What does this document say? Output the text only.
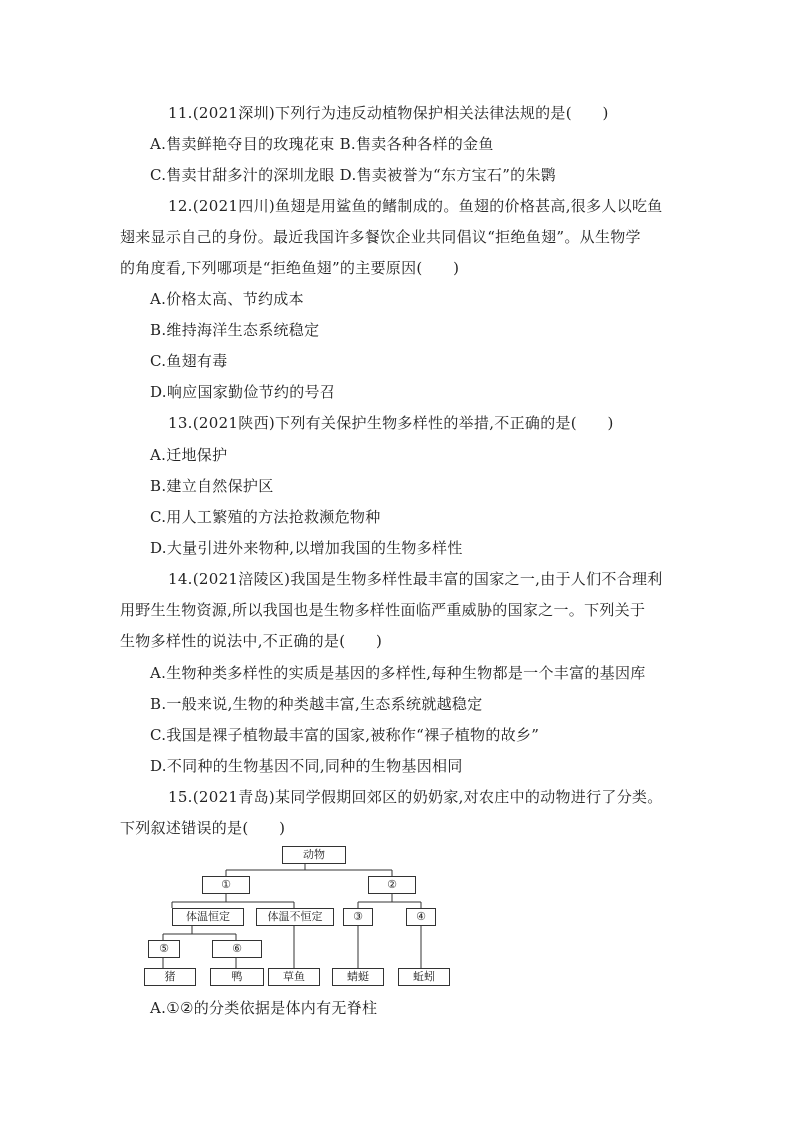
11.(2021深圳)下列行为违反动植物保护相关法律法规的是(　　)
A.售卖鲜艳夺目的玫瑰花束 B.售卖各种各样的金鱼
C.售卖甘甜多汁的深圳龙眼 D.售卖被誉为“东方宝石”的朱鹮
12.(2021四川)鱼翅是用鲨鱼的鳍制成的。鱼翅的价格甚高,很多人以吃鱼
翅来显示自己的身份。最近我国许多餐饮企业共同倡议“拒绝鱼翅”。从生物学
的角度看,下列哪项是“拒绝鱼翅”的主要原因(　　)
A.价格太高、节约成本
B.维持海洋生态系统稳定
C.鱼翅有毒
D.响应国家勤俭节约的号召
13.(2021陕西)下列有关保护生物多样性的举措,不正确的是(　　)
A.迁地保护
B.建立自然保护区
C.用人工繁殖的方法抢救濒危物种
D.大量引进外来物种,以增加我国的生物多样性
14.(2021涪陵区)我国是生物多样性最丰富的国家之一,由于人们不合理利
用野生生物资源,所以我国也是生物多样性面临严重威胁的国家之一。下列关于
生物多样性的说法中,不正确的是(　　)
A.生物种类多样性的实质是基因的多样性,每种生物都是一个丰富的基因库
B.一般来说,生物的种类越丰富,生态系统就越稳定
C.我国是裸子植物最丰富的国家,被称作“裸子植物的故乡”
D.不同种的生物基因不同,同种的生物基因相同
15.(2021青岛)某同学假期回郊区的奶奶家,对农庄中的动物进行了分类。
下列叙述错误的是(　　)
动物
①	②
体温恒定	体温不恒定	③	④
⑤	⑥
猪	鸭	草鱼	蜻蜓	蚯蚓
A.①②的分类依据是体内有无脊柱
